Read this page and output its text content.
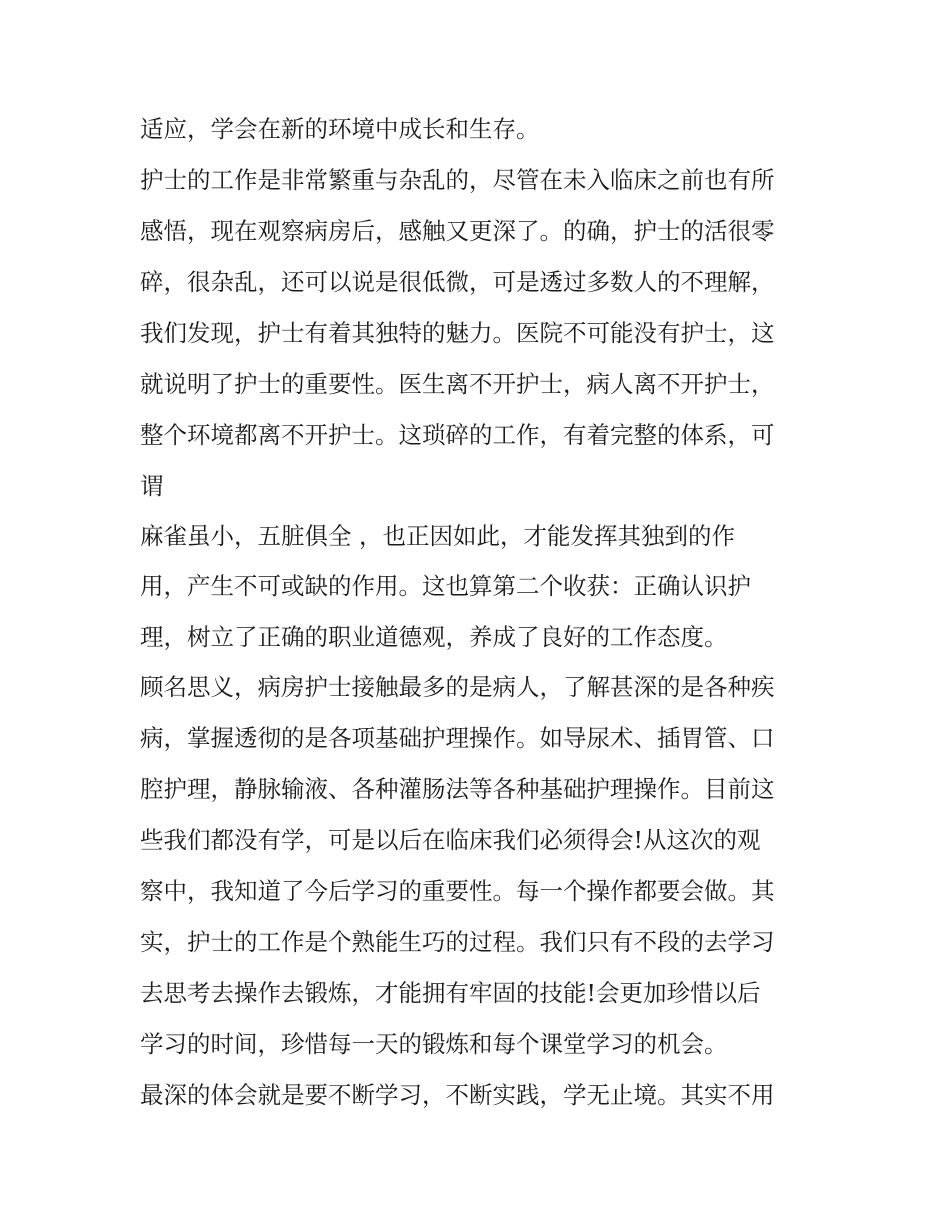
适应，学会在新的环境中成长和生存。
护士的工作是非常繁重与杂乱的，尽管在未入临床之前也有所
感悟，现在观察病房后，感触又更深了。的确，护士的活很零
碎，很杂乱，还可以说是很低微，可是透过多数人的不理解，
我们发现，护士有着其独特的魅力。医院不可能没有护士，这
就说明了护士的重要性。医生离不开护士，病人离不开护士，
整个环境都离不开护士。这琐碎的工作，有着完整的体系，可
谓
麻雀虽小，五脏俱全 ，也正因如此，才能发挥其独到的作
用，产生不可或缺的作用。这也算第二个收获：正确认识护
理，树立了正确的职业道德观，养成了良好的工作态度。
顾名思义，病房护士接触最多的是病人，了解甚深的是各种疾
病，掌握透彻的是各项基础护理操作。如导尿术、插胃管、口
腔护理，静脉输液、各种灌肠法等各种基础护理操作。目前这
些我们都没有学，可是以后在临床我们必须得会!从这次的观
察中，我知道了今后学习的重要性。每一个操作都要会做。其
实，护士的工作是个熟能生巧的过程。我们只有不段的去学习
去思考去操作去锻炼，才能拥有牢固的技能!会更加珍惜以后
学习的时间，珍惜每一天的锻炼和每个课堂学习的机会。
最深的体会就是要不断学习，不断实践，学无止境。其实不用
